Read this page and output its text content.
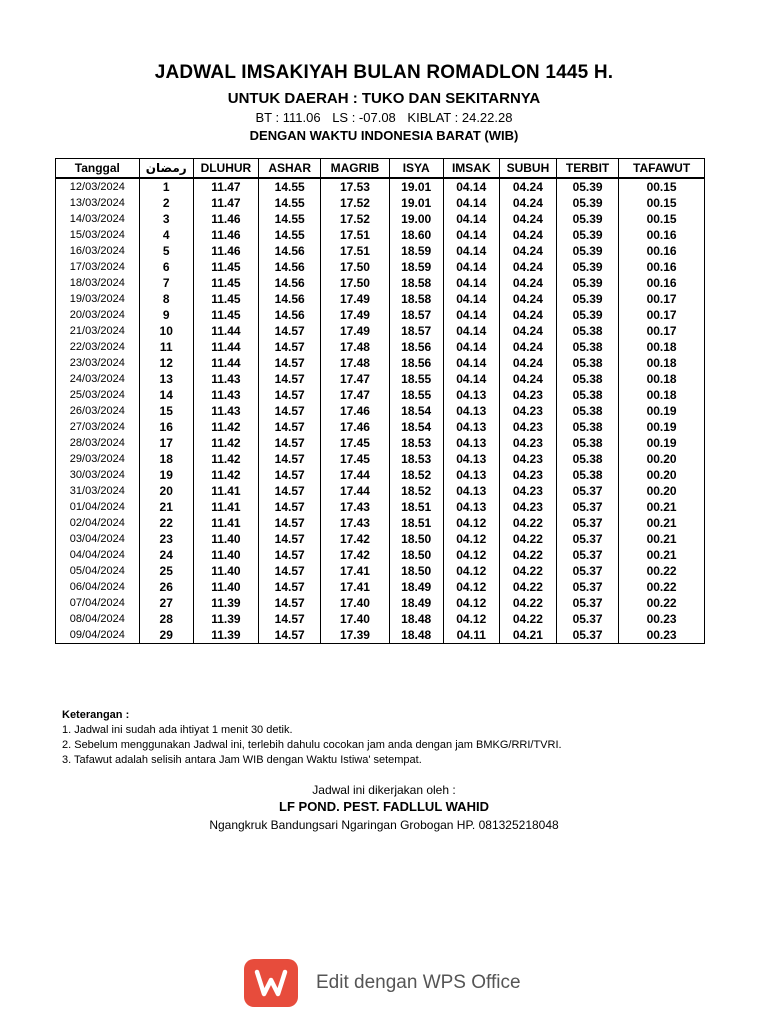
JADWAL IMSAKIYAH BULAN ROMADLON 1445 H.
UNTUK DAERAH : TUKO DAN SEKITARNYA
BT : 111.06 LS : -07.08 KIBLAT : 24.22.28
DENGAN WAKTU INDONESIA BARAT (WIB)
Tanggal	رمضان	DLUHUR	ASHAR	MAGRIB	ISYA	IMSAK	SUBUH	TERBIT	TAFAWUT
12/03/2024	1	11.47	14.55	17.53	19.01	04.14	04.24	05.39	00.15
13/03/2024	2	11.47	14.55	17.52	19.01	04.14	04.24	05.39	00.15
14/03/2024	3	11.46	14.55	17.52	19.00	04.14	04.24	05.39	00.15
15/03/2024	4	11.46	14.55	17.51	18.60	04.14	04.24	05.39	00.16
16/03/2024	5	11.46	14.56	17.51	18.59	04.14	04.24	05.39	00.16
17/03/2024	6	11.45	14.56	17.50	18.59	04.14	04.24	05.39	00.16
18/03/2024	7	11.45	14.56	17.50	18.58	04.14	04.24	05.39	00.16
19/03/2024	8	11.45	14.56	17.49	18.58	04.14	04.24	05.39	00.17
20/03/2024	9	11.45	14.56	17.49	18.57	04.14	04.24	05.39	00.17
21/03/2024	10	11.44	14.57	17.49	18.57	04.14	04.24	05.38	00.17
22/03/2024	11	11.44	14.57	17.48	18.56	04.14	04.24	05.38	00.18
23/03/2024	12	11.44	14.57	17.48	18.56	04.14	04.24	05.38	00.18
24/03/2024	13	11.43	14.57	17.47	18.55	04.14	04.24	05.38	00.18
25/03/2024	14	11.43	14.57	17.47	18.55	04.13	04.23	05.38	00.18
26/03/2024	15	11.43	14.57	17.46	18.54	04.13	04.23	05.38	00.19
27/03/2024	16	11.42	14.57	17.46	18.54	04.13	04.23	05.38	00.19
28/03/2024	17	11.42	14.57	17.45	18.53	04.13	04.23	05.38	00.19
29/03/2024	18	11.42	14.57	17.45	18.53	04.13	04.23	05.38	00.20
30/03/2024	19	11.42	14.57	17.44	18.52	04.13	04.23	05.38	00.20
31/03/2024	20	11.41	14.57	17.44	18.52	04.13	04.23	05.37	00.20
01/04/2024	21	11.41	14.57	17.43	18.51	04.13	04.23	05.37	00.21
02/04/2024	22	11.41	14.57	17.43	18.51	04.12	04.22	05.37	00.21
03/04/2024	23	11.40	14.57	17.42	18.50	04.12	04.22	05.37	00.21
04/04/2024	24	11.40	14.57	17.42	18.50	04.12	04.22	05.37	00.21
05/04/2024	25	11.40	14.57	17.41	18.50	04.12	04.22	05.37	00.22
06/04/2024	26	11.40	14.57	17.41	18.49	04.12	04.22	05.37	00.22
07/04/2024	27	11.39	14.57	17.40	18.49	04.12	04.22	05.37	00.22
08/04/2024	28	11.39	14.57	17.40	18.48	04.12	04.22	05.37	00.23
09/04/2024	29	11.39	14.57	17.39	18.48	04.11	04.21	05.37	00.23
Keterangan :
1. Jadwal ini sudah ada ihtiyat 1 menit 30 detik.
2. Sebelum menggunakan Jadwal ini, terlebih dahulu cocokan jam anda dengan jam BMKG/RRI/TVRI.
3. Tafawut adalah selisih antara Jam WIB dengan Waktu Istiwa' setempat.
Jadwal ini dikerjakan oleh :
LF POND. PEST. FADLLUL WAHID
Ngangkruk Bandungsari Ngaringan Grobogan HP. 081325218048
Edit dengan WPS Office
